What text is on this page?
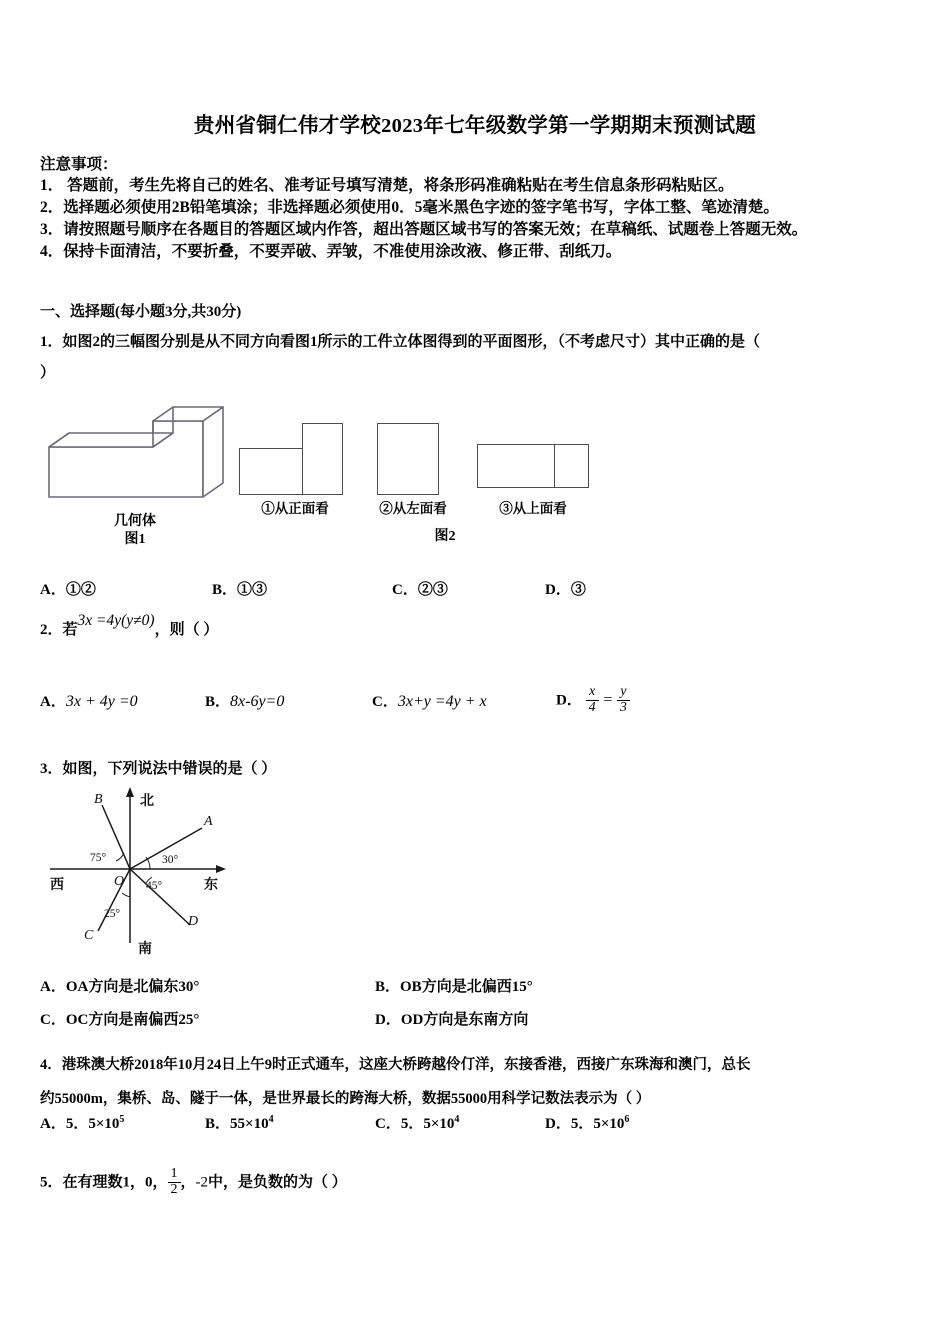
贵州省铜仁伟才学校2023年七年级数学第一学期期末预测试题
注意事项：
1． 答题前，考生先将自己的姓名、准考证号填写清楚，将条形码准确粘贴在考生信息条形码粘贴区。
2．选择题必须使用2B铅笔填涂；非选择题必须使用0．5毫米黑色字迹的签字笔书写，字体工整、笔迹清楚。
3．请按照题号顺序在各题目的答题区域内作答，超出答题区域书写的答案无效；在草稿纸、试题卷上答题无效。
4．保持卡面清洁，不要折叠，不要弄破、弄皱，不准使用涂改液、修正带、刮纸刀。
一、选择题(每小题3分,共30分)
1．如图2的三幅图分别是从不同方向看图1所示的工件立体图得到的平面图形，（不考虑尺寸）其中正确的是（
）
几何体
图1
①从正面看	②从左面看	③从上面看
图2
A．①②	B．①③	C．②③	D．③
2．若3x =4y(y≠0)，则（ ）
A．3x + 4y =0	B．8x-6y=0	C．3x+y =4y + x	D． $\frac{x}{4} = \frac{y}{3}$
3．如图，下列说法中错误的是（ ）
北
南
东
西
A
B
C
D
O
30°
75°
45°
25°
A．OA方向是北偏东30°	B．OB方向是北偏西15°
C．OC方向是南偏西25°	D．OD方向是东南方向
4．港珠澳大桥2018年10月24日上午9时正式通车，这座大桥跨越伶仃洋，东接香港，西接广东珠海和澳门，总长
约55000m，集桥、岛、隧于一体，是世界最长的跨海大桥，数据55000用科学记数法表示为（ ）
A．5．$5\times 10^5$	B．$55\times 10^4$	C．5．$5\times 10^4$	D．5．$5\times 10^6$
5．在有理数1，0， $\frac{1}{2}$ ，-2中，是负数的为（ ）
